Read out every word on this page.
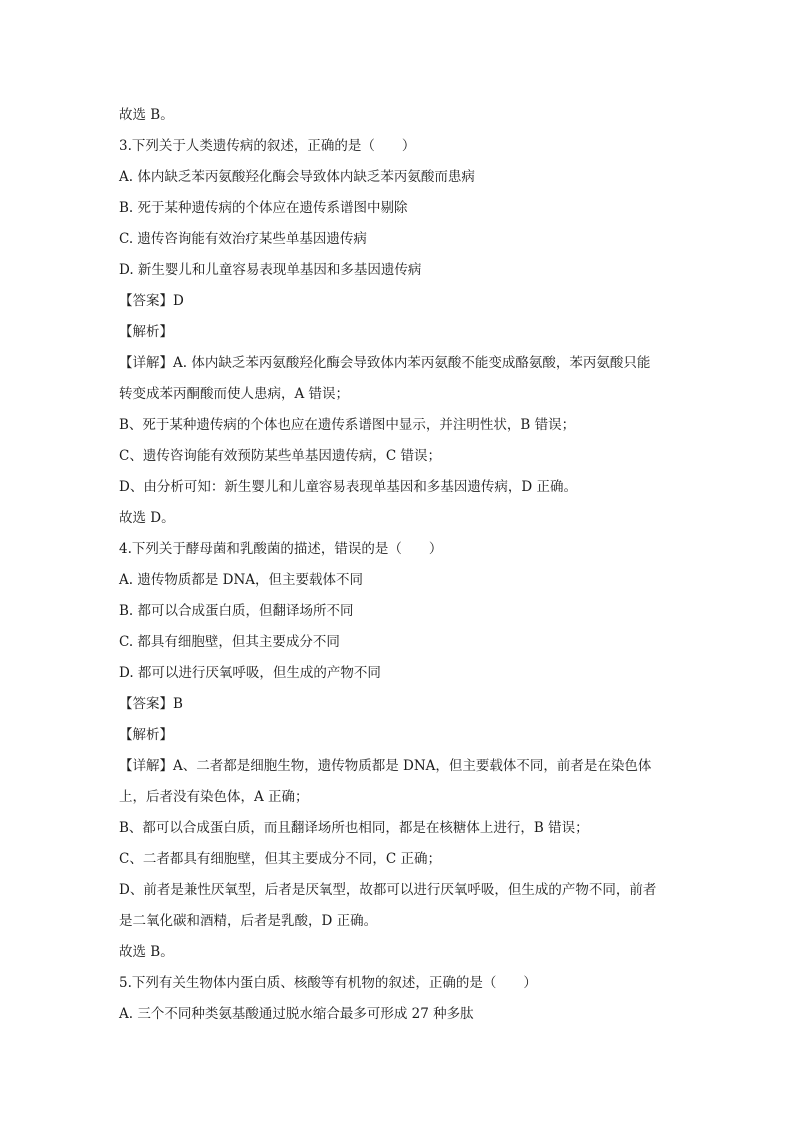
故选 B。
3.下列关于人类遗传病的叙述，正确的是（　　）
A. 体内缺乏苯丙氨酸羟化酶会导致体内缺乏苯丙氨酸而患病
B. 死于某种遗传病的个体应在遗传系谱图中剔除
C. 遗传咨询能有效治疗某些单基因遗传病
D. 新生婴儿和儿童容易表现单基因和多基因遗传病
【答案】D
【解析】
【详解】A. 体内缺乏苯丙氨酸羟化酶会导致体内苯丙氨酸不能变成酪氨酸，苯丙氨酸只能
转变成苯丙酮酸而使人患病，A 错误；
B、死于某种遗传病的个体也应在遗传系谱图中显示，并注明性状，B 错误；
C、遗传咨询能有效预防某些单基因遗传病，C 错误；
D、由分析可知：新生婴儿和儿童容易表现单基因和多基因遗传病，D 正确。
故选 D。
4.下列关于酵母菌和乳酸菌的描述，错误的是（　　）
A. 遗传物质都是 DNA，但主要载体不同
B. 都可以合成蛋白质，但翻译场所不同
C. 都具有细胞壁，但其主要成分不同
D. 都可以进行厌氧呼吸，但生成的产物不同
【答案】B
【解析】
【详解】A、二者都是细胞生物，遗传物质都是 DNA，但主要载体不同，前者是在染色体
上，后者没有染色体，A 正确；
B、都可以合成蛋白质，而且翻译场所也相同，都是在核糖体上进行，B 错误；
C、二者都具有细胞壁，但其主要成分不同，C 正确；
D、前者是兼性厌氧型，后者是厌氧型，故都可以进行厌氧呼吸，但生成的产物不同，前者
是二氧化碳和酒精，后者是乳酸，D 正确。
故选 B。
5.下列有关生物体内蛋白质、核酸等有机物的叙述，正确的是（　　）
A. 三个不同种类氨基酸通过脱水缩合最多可形成 27 种多肽
